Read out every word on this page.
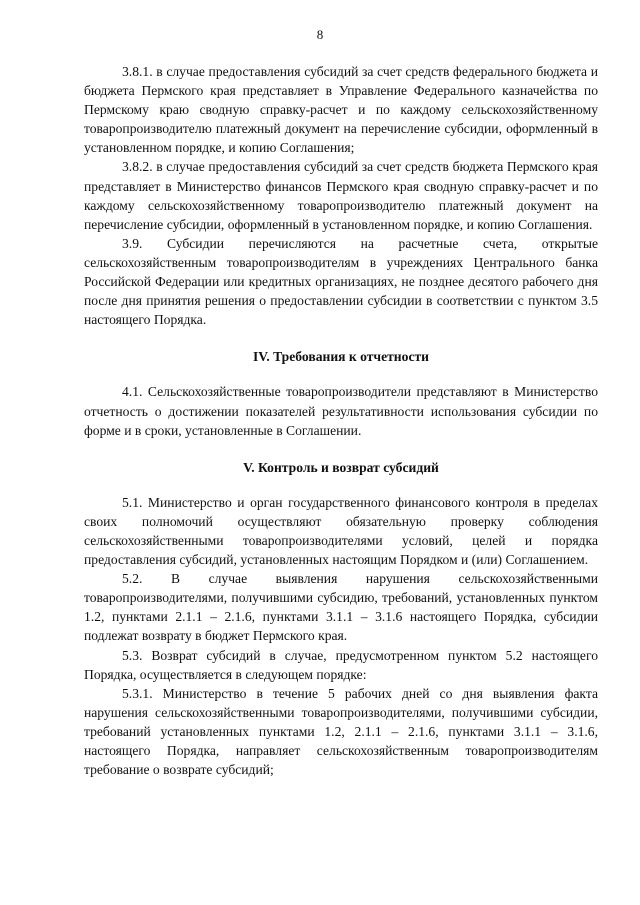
8

3.8.1. в случае предоставления субсидий за счет средств федерального бюджета и бюджета Пермского края представляет в Управление Федерального казначейства по Пермскому краю сводную справку-расчет и по каждому сельскохозяйственному товаропроизводителю платежный документ на перечисление субсидии, оформленный в установленном порядке, и копию Соглашения;

3.8.2. в случае предоставления субсидий за счет средств бюджета Пермского края представляет в Министерство финансов Пермского края сводную справку-расчет и по каждому сельскохозяйственному товаропроизводителю платежный документ на перечисление субсидии, оформленный в установленном порядке, и копию Соглашения.

3.9. Субсидии перечисляются на расчетные счета, открытые сельскохозяйственным товаропроизводителям в учреждениях Центрального банка Российской Федерации или кредитных организациях, не позднее десятого рабочего дня после дня принятия решения о предоставлении субсидии в соответствии с пунктом 3.5 настоящего Порядка.

IV. Требования к отчетности

4.1. Сельскохозяйственные товаропроизводители представляют в Министерство отчетность о достижении показателей результативности использования субсидии по форме и в сроки, установленные в Соглашении.

V. Контроль и возврат субсидий

5.1. Министерство и орган государственного финансового контроля в пределах своих полномочий осуществляют обязательную проверку соблюдения сельскохозяйственными товаропроизводителями условий, целей и порядка предоставления субсидий, установленных настоящим Порядком и (или) Соглашением.

5.2. В случае выявления нарушения сельскохозяйственными товаропроизводителями, получившими субсидию, требований, установленных пунктом 1.2, пунктами 2.1.1 – 2.1.6, пунктами 3.1.1 – 3.1.6 настоящего Порядка, субсидии подлежат возврату в бюджет Пермского края.

5.3. Возврат субсидий в случае, предусмотренном пунктом 5.2 настоящего Порядка, осуществляется в следующем порядке:

5.3.1. Министерство в течение 5 рабочих дней со дня выявления факта нарушения сельскохозяйственными товаропроизводителями, получившими субсидии, требований установленных пунктами 1.2, 2.1.1 – 2.1.6, пунктами 3.1.1 – 3.1.6, настоящего Порядка, направляет сельскохозяйственным товаропроизводителям требование о возврате субсидий;
